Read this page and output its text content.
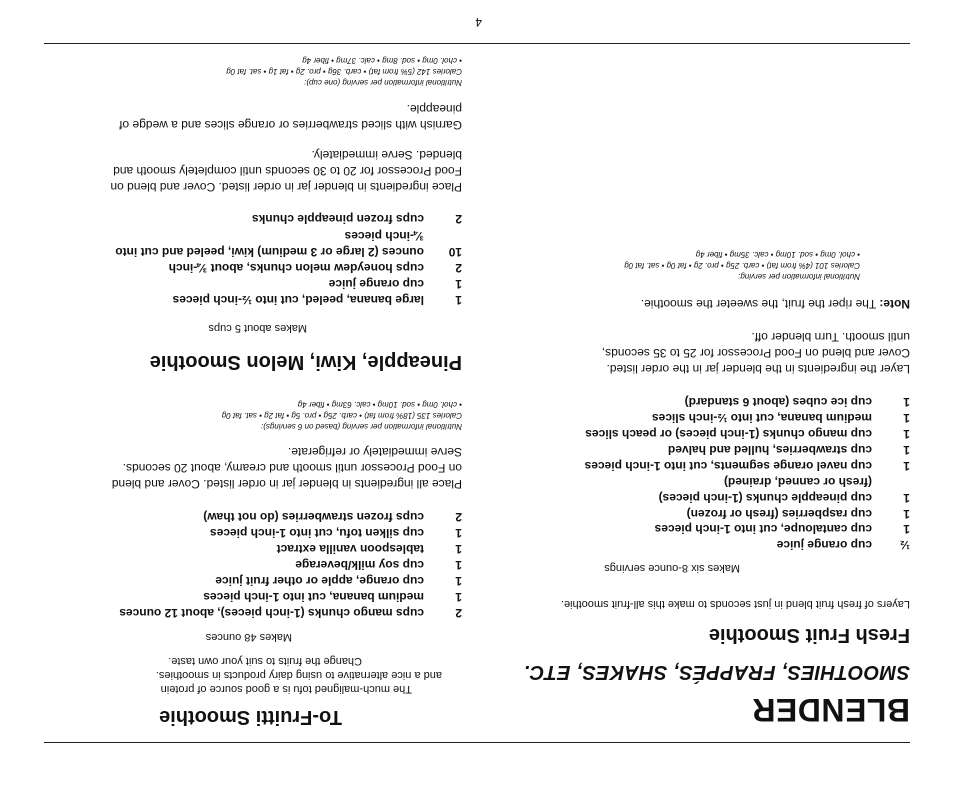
BLENDER
SMOOTHIES, FRAPPÉS, SHAKES, ETC.
Fresh Fruit Smoothie
Layers of fresh fruit blend in just seconds to make this all-fruit smoothie.
Makes six 8-ounce servings
½
cup orange juice
1
cup cantaloupe, cut into 1-inch pieces
1
cup raspberries (fresh or frozen)
1
cup pineapple chunks (1-inch pieces)
(fresh or canned, drained)
1
cup navel orange segments, cut into 1-inch pieces
1
cup strawberries, hulled and halved
1
cup mango chunks (1-inch pieces) or peach slices
1
medium banana, cut into ½-inch slices
1
cup ice cubes (about 6 standard)
Layer the ingredients in the blender jar in the order listed.
Cover and blend on Food Processor for 25 to 35 seconds,
until smooth. Turn blender off.
Note: The riper the fruit, the sweeter the smoothie.
Nutritional information per serving:
Calories 101 (4% from fat) • carb. 25g • pro. 2g • fat 0g • sat. fat 0g
• chol. 0mg • sod. 10mg • calc. 35mg • fiber 4g
To-Fruitti Smoothie
The much-maligned tofu is a good source of protein
and a nice alternative to using dairy products in smoothies.
Change the fruits to suit your own taste.
Makes 48 ounces
2
cups mango chunks (1-inch pieces), about 12 ounces
1
medium banana, cut into 1-inch pieces
1
cup orange, apple or other fruit juice
1
cup soy milk/beverage
1
tablespoon vanilla extract
1
cup silken tofu, cut into 1-inch pieces
2
cups frozen strawberries (do not thaw)
Place all ingredients in blender jar in order listed. Cover and blend
on Food Processor until smooth and creamy, about 20 seconds.
Serve immediately or refrigerate.
Nutritional information per serving (based on 6 servings):
Calories 135 (18% from fat) • carb. 25g • pro. 5g • fat 2g • sat. fat 0g
• chol. 0mg • sod. 10mg • calc. 63mg • fiber 4g
Pineapple, Kiwi, Melon Smoothie
Makes about 5 cups
1
large banana, peeled, cut into ½-inch pieces
1
cup orange juice
2
cups honeydew melon chunks, about ¾-inch
10
ounces (2 large or 3 medium) kiwi, peeled and cut into
¾-inch pieces
2
cups frozen pineapple chunks
Place ingredients in blender jar in order listed. Cover and blend on
Food Processor for 20 to 30 seconds until completely smooth and
blended. Serve immediately.
Garnish with sliced strawberries or orange slices and a wedge of
pineapple.
Nutritional information per serving (one cup):
Calories 142 (5% from fat) • carb. 36g • pro. 2g • fat 1g • sat. fat 0g
• chol. 0mg • sod. 8mg • calc. 37mg • fiber 4g
4
